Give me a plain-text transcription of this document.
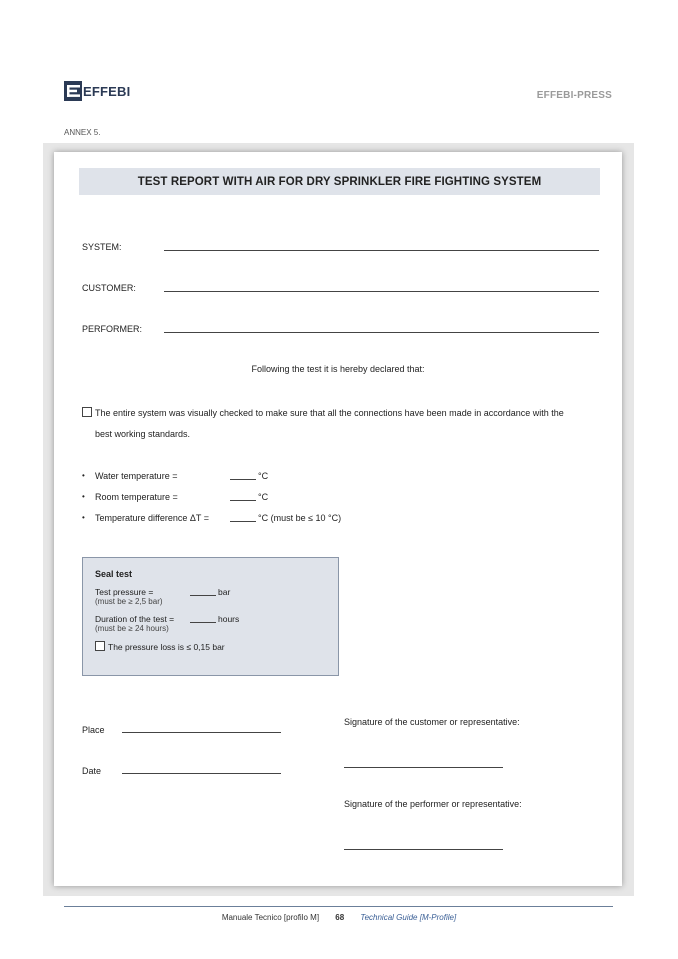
EFFEBI	EFFEBI-PRESS
ANNEX 5.
TEST REPORT WITH AIR FOR DRY SPRINKLER FIRE FIGHTING SYSTEM
SYSTEM:
CUSTOMER:
PERFORMER:
Following the test it is hereby declared that:
The entire system was visually checked to make sure that all the connections have been made in accordance with the
best working standards.
•	Water temperature =	°C
•	Room temperature =	°C
•	Temperature difference ΔT =	°C (must be ≤ 10 °C)
Seal test
Test pressure =	bar
(must be ≥ 2,5 bar)
Duration of the test =	hours
(must be ≥ 24 hours)
The pressure loss is ≤ 0,15 bar
Place
Date
Signature of the customer or representative:
Signature of the performer or representative:
Manuale Tecnico [profilo M] 68 Technical Guide [M-Profile]
